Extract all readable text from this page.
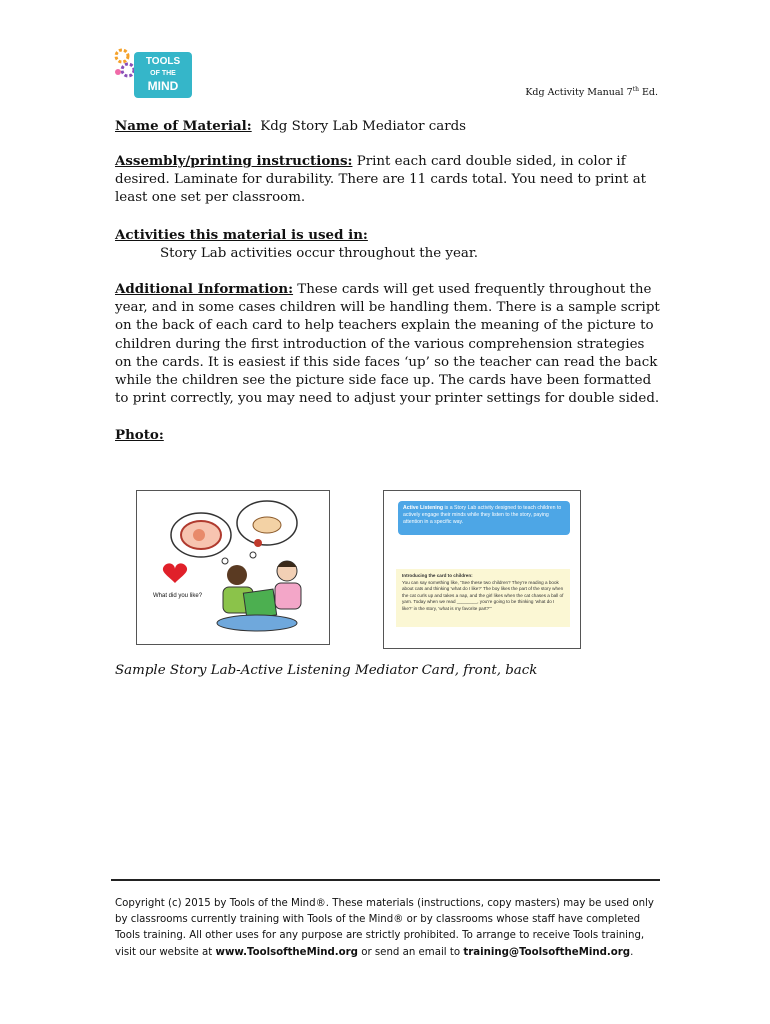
TOOLS
OF THE
MIND	Kdg Activity Manual 7th Ed.
Name of Material:  Kdg Story Lab Mediator cards
Assembly/printing instructions: Print each card double sided, in color if desired. Laminate for durability. There are 11 cards total. You need to print at least one set per classroom.
Activities this material is used in:
Story Lab activities occur throughout the year.
Additional Information: These cards will get used frequently throughout the year, and in some cases children will be handling them. There is a sample script on the back of each card to help teachers explain the meaning of the picture to children during the first introduction of the various comprehension strategies on the cards. It is easiest if this side faces ‘up’ so the teacher can read the back while the children see the picture side face up. The cards have been formatted to print correctly, you may need to adjust your printer settings for double sided.
Photo:
What did you like?
Active Listening is a Story Lab activity designed to teach children to actively engage their minds while they listen to the story, paying attention in a specific way.
Introducing the card to children:
You can say something like, “See these two children? They’re reading a book about cats and thinking ‘what do I like?’ The boy likes the part of the story when the cat curls up and takes a nap, and the girl likes when the cat chases a ball of yarn. Today when we read ________, you’re going to be thinking ‘what do I like?’ in the story, ‘what is my favorite part?’”
Sample Story Lab-Active Listening Mediator Card, front, back
Copyright (c) 2015 by Tools of the Mind®. These materials (instructions, copy masters) may be used only by classrooms currently training with Tools of the Mind® or by classrooms whose staff have completed Tools training. All other uses for any purpose are strictly prohibited. To arrange to receive Tools training, visit our website at www.ToolsoftheMind.org or send an email to training@ToolsoftheMind.org.
